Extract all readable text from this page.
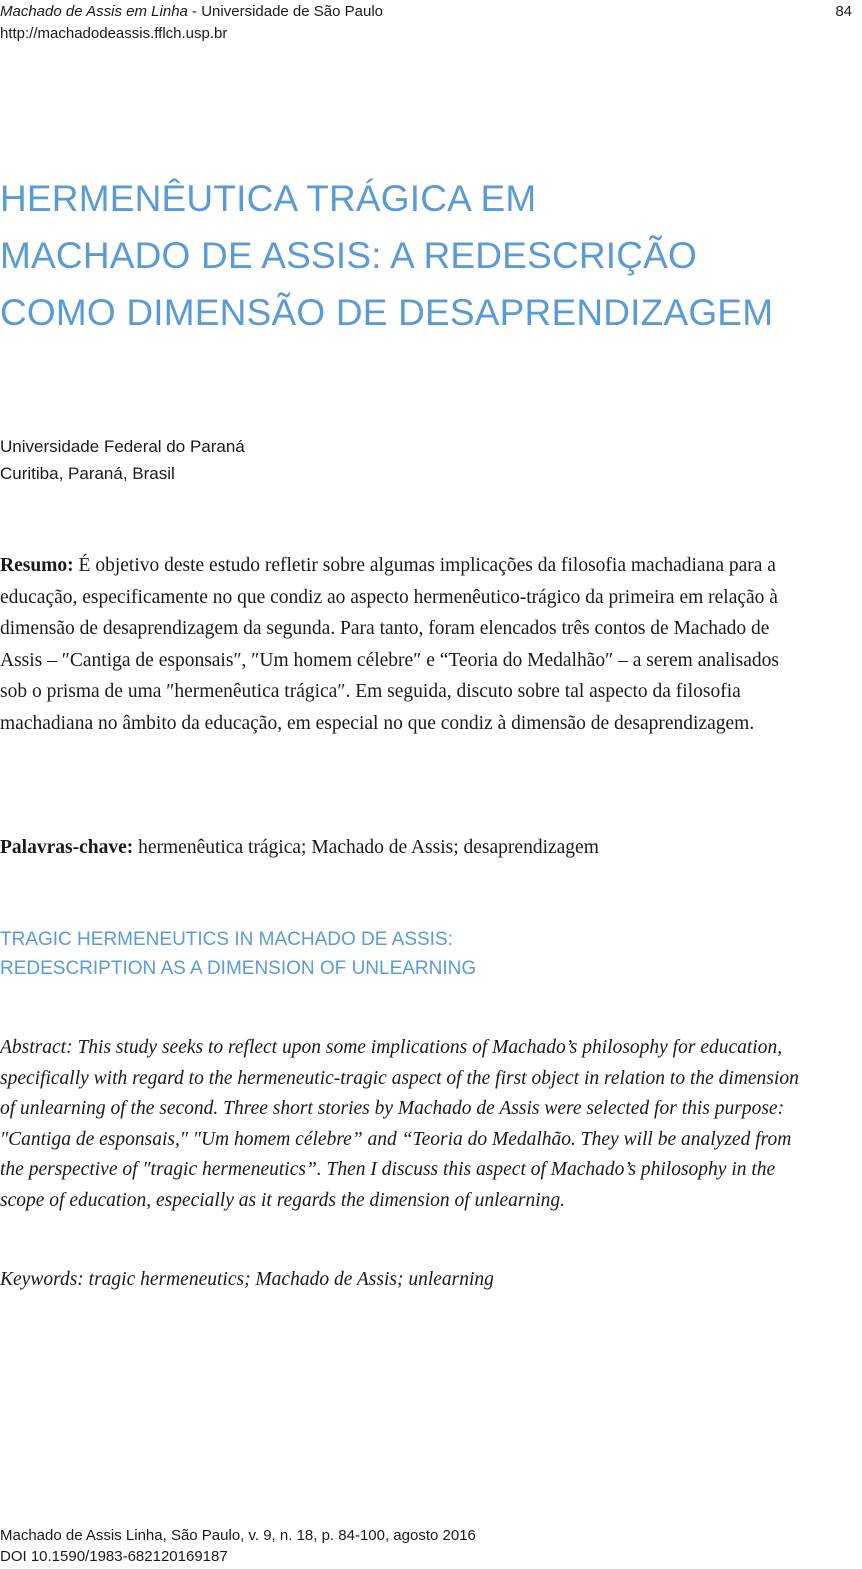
Machado de Assis em Linha - Universidade de São Paulo
http://machadodeassis.fflch.usp.br
84
HERMENÊUTICA TRÁGICA EM
MACHADO DE ASSIS: A REDESCRIÇÃO
COMO DIMENSÃO DE DESAPRENDIZAGEM
Universidade Federal do Paraná
Curitiba, Paraná, Brasil

Resumo: É objetivo deste estudo refletir sobre algumas implicações da filosofia machadiana para a educação, especificamente no que condiz ao aspecto hermenêutico-trágico da primeira em relação à dimensão de desaprendizagem da segunda. Para tanto, foram elencados três contos de Machado de Assis – ″Cantiga de esponsais″, ″Um homem célebre″ e “Teoria do Medalhão″ – a serem analisados sob o prisma de uma ″hermenêutica trágica″. Em seguida, discuto sobre tal aspecto da filosofia machadiana no âmbito da educação, em especial no que condiz à dimensão de desaprendizagem.

Palavras-chave: hermenêutica trágica; Machado de Assis; desaprendizagem

TRAGIC HERMENEUTICS IN MACHADO DE ASSIS:
REDESCRIPTION AS A DIMENSION OF UNLEARNING

Abstract: This study seeks to reflect upon some implications of Machado’s philosophy for education, specifically with regard to the hermeneutic-tragic aspect of the first object in relation to the dimension of unlearning of the second. Three short stories by Machado de Assis were selected for this purpose: ″Cantiga de esponsais,″ ″Um homem célebre” and “Teoria do Medalhão. They will be analyzed from the perspective of ″tragic hermeneutics”. Then I discuss this aspect of Machado’s philosophy in the scope of education, especially as it regards the dimension of unlearning.

Keywords: tragic hermeneutics; Machado de Assis; unlearning

Machado de Assis Linha, São Paulo, v. 9, n. 18, p. 84-100, agosto 2016
DOI 10.1590/1983-682120169187
